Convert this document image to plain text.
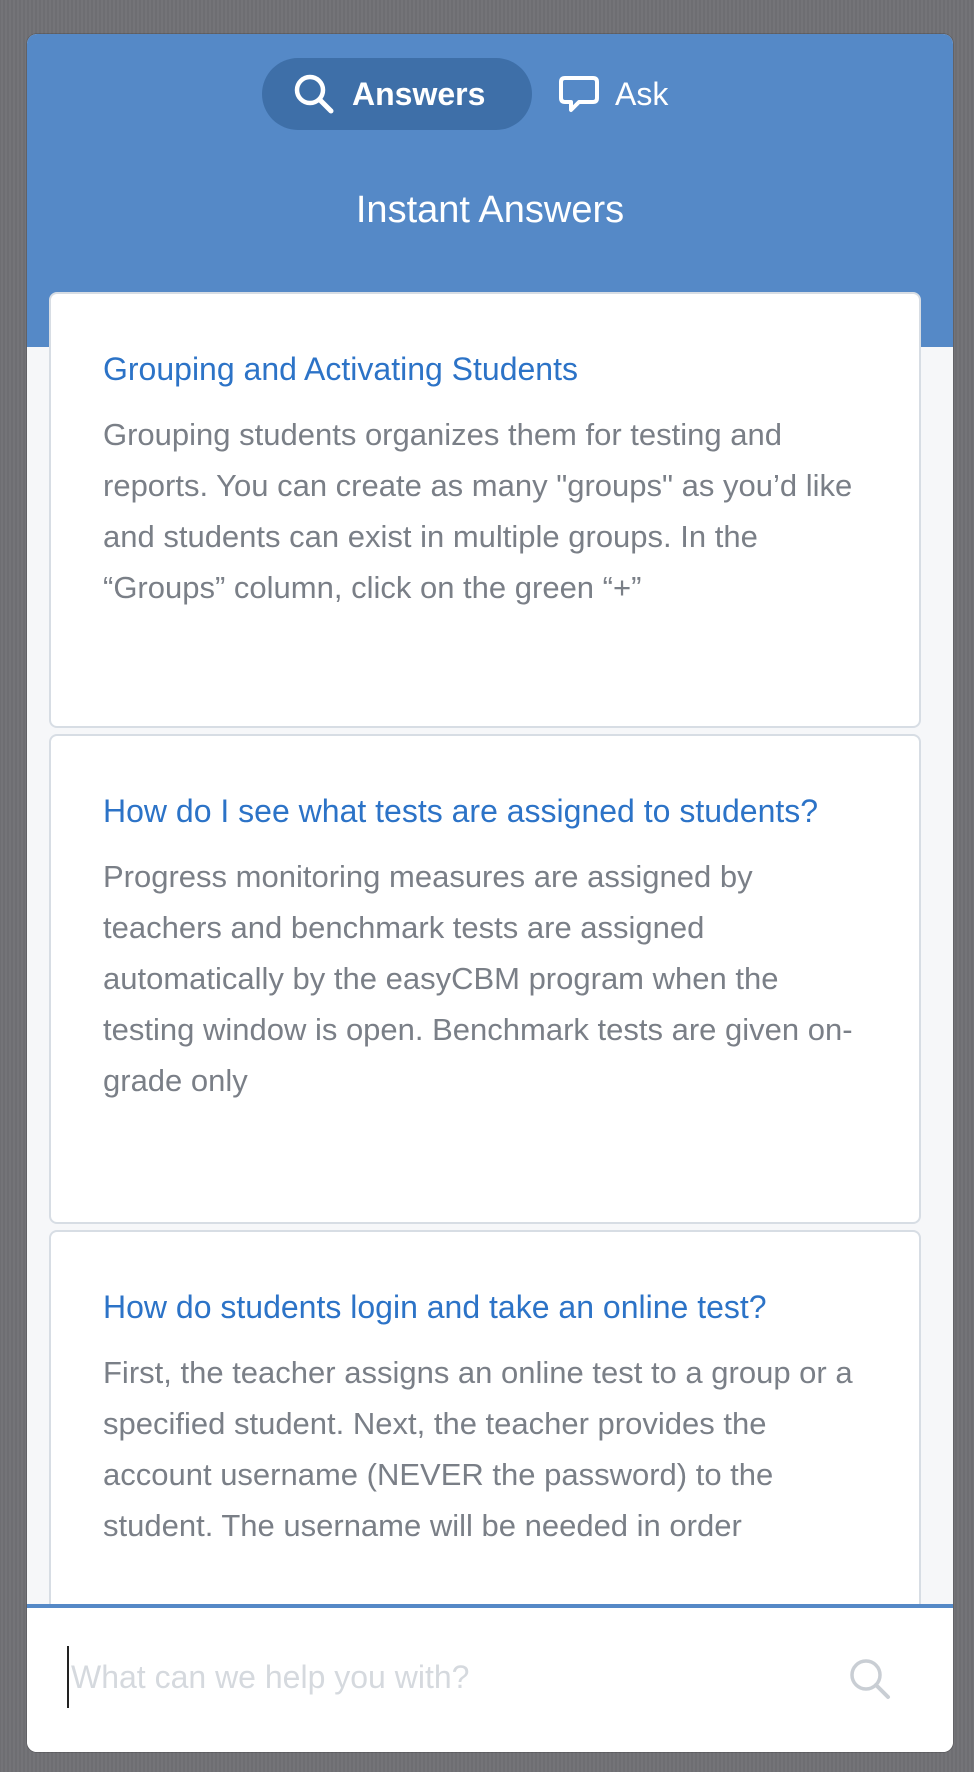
Grouping and Activating Students

Grouping students organizes them for testing and reports. You can create as many "groups" as you’d like and students can exist in multiple groups. In the “Groups” column, click on the green “+”

How do I see what tests are assigned to students?

Progress monitoring measures are assigned by teachers and benchmark tests are assigned automatically by the easyCBM program when the testing window is open. Benchmark tests are given on-grade only

How do students login and take an online test?

First, the teacher assigns an online test to a group or a specified student. Next, the teacher provides the account username (NEVER the password) to the student. The username will be needed in order

Answers	Ask
Instant Answers
What can we help you with?
